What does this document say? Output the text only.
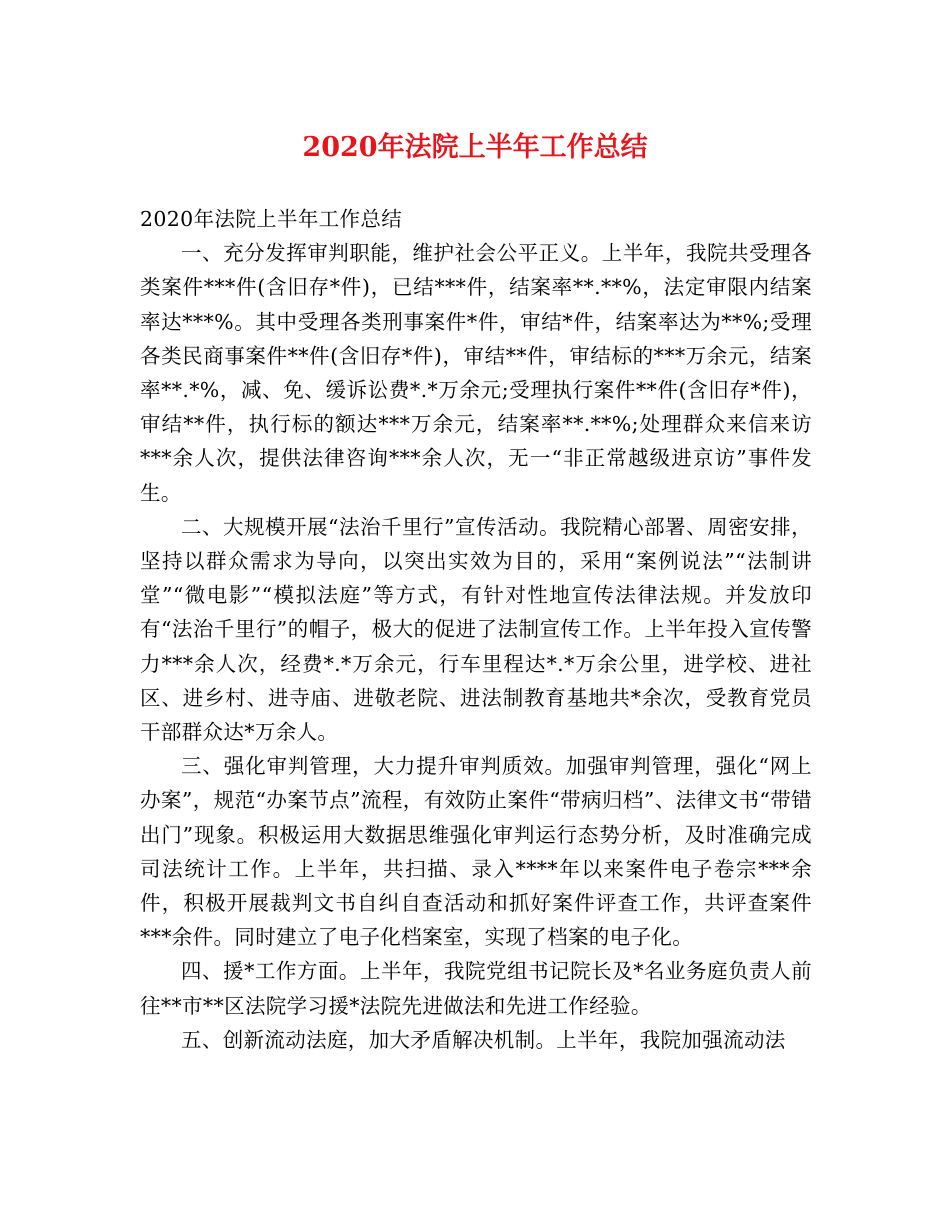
2020年法院上半年工作总结

2020年法院上半年工作总结

一、充分发挥审判职能，维护社会公平正义。上半年，我院共受理各类案件***件(含旧存*件)，已结***件，结案率**.**%，法定审限内结案率达***%。其中受理各类刑事案件*件，审结*件，结案率达为**%;受理各类民商事案件**件(含旧存*件)，审结**件，审结标的***万余元，结案率**.*%，减、免、缓诉讼费*.*万余元;受理执行案件**件(含旧存*件)，审结**件，执行标的额达***万余元，结案率**.**%;处理群众来信来访***余人次，提供法律咨询***余人次，无一“非正常越级进京访”事件发生。

二、大规模开展“法治千里行”宣传活动。我院精心部署、周密安排，坚持以群众需求为导向，以突出实效为目的，采用“案例说法”“法制讲堂”“微电影”“模拟法庭”等方式，有针对性地宣传法律法规。并发放印有“法治千里行”的帽子，极大的促进了法制宣传工作。上半年投入宣传警力***余人次，经费*.*万余元，行车里程达*.*万余公里，进学校、进社区、进乡村、进寺庙、进敬老院、进法制教育基地共*余次，受教育党员干部群众达*万余人。

三、强化审判管理，大力提升审判质效。加强审判管理，强化“网上办案”，规范“办案节点”流程，有效防止案件“带病归档”、法律文书“带错出门”现象。积极运用大数据思维强化审判运行态势分析，及时准确完成司法统计工作。上半年，共扫描、录入****年以来案件电子卷宗***余件，积极开展裁判文书自纠自查活动和抓好案件评查工作，共评查案件***余件。同时建立了电子化档案室，实现了档案的电子化。

四、援*工作方面。上半年，我院党组书记院长及*名业务庭负责人前往**市**区法院学习援*法院先进做法和先进工作经验。

五、创新流动法庭，加大矛盾解决机制。上半年，我院加强流动法
